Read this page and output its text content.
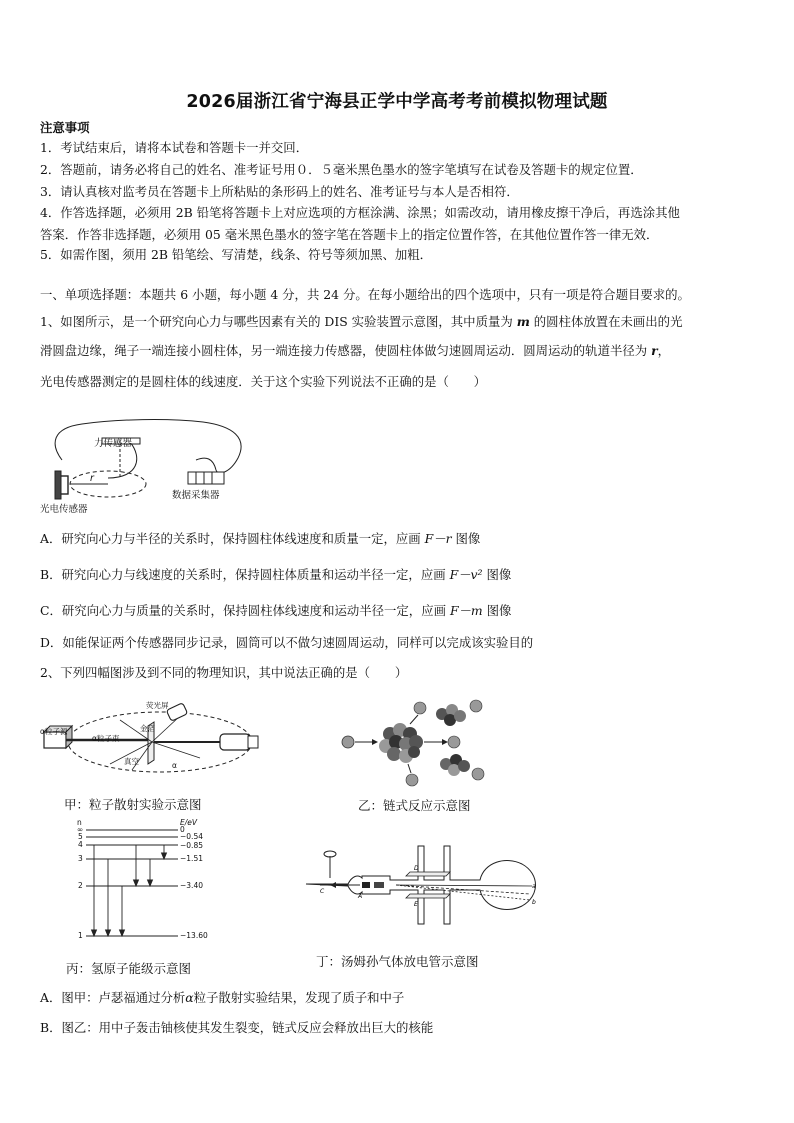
2026届浙江省宁海县正学中学高考考前模拟物理试题
注意事项
1．考试结束后，请将本试卷和答题卡一并交回．
2．答题前，请务必将自己的姓名、准考证号用０．５毫米黑色墨水的签字笔填写在试卷及答题卡的规定位置．
3．请认真核对监考员在答题卡上所粘贴的条形码上的姓名、准考证号与本人是否相符．
4．作答选择题，必须用 2B 铅笔将答题卡上对应选项的方框涂满、涂黑；如需改动，请用橡皮擦干净后，再选涂其他
答案．作答非选择题，必须用 05 毫米黑色墨水的签字笔在答题卡上的指定位置作答，在其他位置作答一律无效．
5．如需作图，须用 2B 铅笔绘、写清楚，线条、符号等须加黑、加粗．
一、单项选择题：本题共 6 小题，每小题 4 分，共 24 分。在每小题给出的四个选项中，只有一项是符合题目要求的。
1、如图所示，是一个研究向心力与哪些因素有关的 DIS 实验装置示意图，其中质量为 m 的圆柱体放置在未画出的光
滑圆盘边缘，绳子一端连接小圆柱体，另一端连接力传感器，使圆柱体做匀速圆周运动．圆周运动的轨道半径为 r，
光电传感器测定的是圆柱体的线速度．关于这个实验下列说法不正确的是（　　）
力传感器
数据采集器
光电传感器
r
A．研究向心力与半径的关系时，保持圆柱体线速度和质量一定，应画 F－r 图像
B．研究向心力与线速度的关系时，保持圆柱体质量和运动半径一定，应画 F－v² 图像
C．研究向心力与质量的关系时，保持圆柱体线速度和运动半径一定，应画 F－m 图像
D．如能保证两个传感器同步记录，圆筒可以不做匀速圆周运动，同样可以完成该实验目的
2、下列四幅图涉及到不同的物理知识，其中说法正确的是（　　）
α粒子源
荧光屏
α粒子束
金箔
真空	α
甲：粒子散射实验示意图	乙：链式反应示意图
n	E/eV
∞	0
5	−0.54
4	−0.85
3	−1.51
2	−3.40
1	−13.60
丙：氢原子能级示意图
C
A
D
E
a
b
丁：汤姆孙气体放电管示意图
A．图甲：卢瑟福通过分析α粒子散射实验结果，发现了质子和中子
B．图乙：用中子轰击铀核使其发生裂变，链式反应会释放出巨大的核能
